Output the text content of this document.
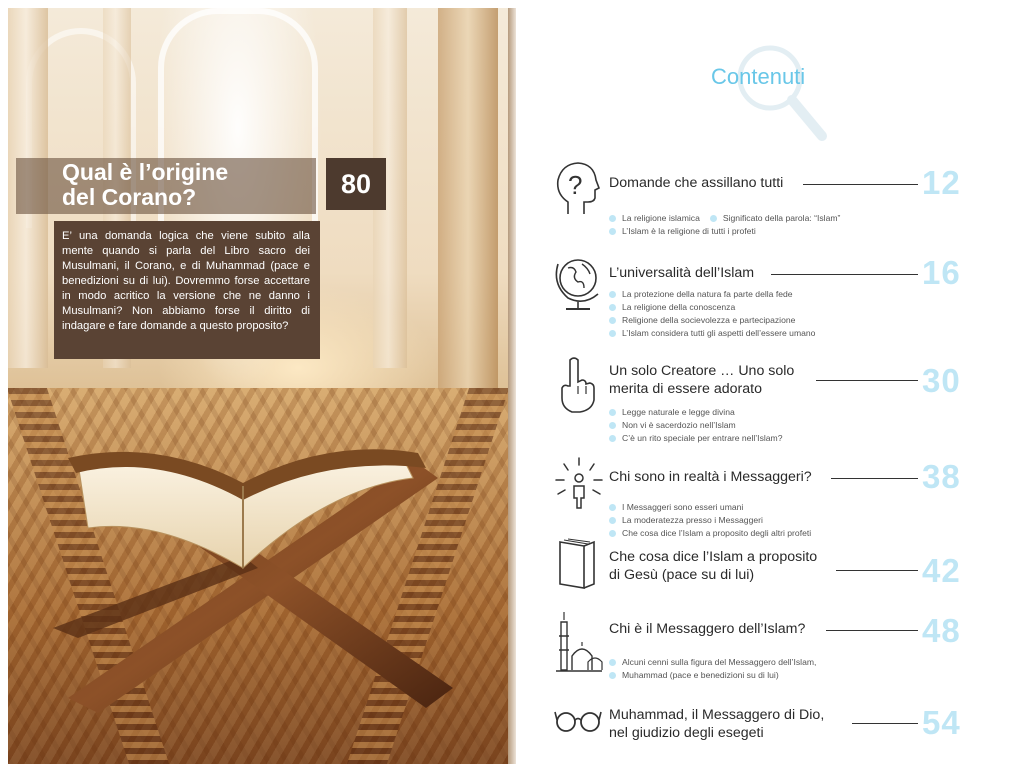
Qual è l’origine
del Corano?	80
E’ una domanda logica che viene subito alla mente quando si parla del Libro sacro dei Musulmani, il Corano, e di Muhammad (pace e benedizioni su di lui). Dovremmo forse accettare in modo acritico la versione che ne danno i Musulmani? Non abbiamo forse il diritto di indagare e fare domande a questo proposito?
Contenuti
? Domande che assillano tutti	12
La religione islamica	Significato della parola: “Islam”
L’Islam è la religione di tutti i profeti
L’universalità dell’Islam	16
La protezione della natura fa parte della fede
La religione della conoscenza
Religione della socievolezza e partecipazione
L’Islam considera tutti gli aspetti dell’essere umano
Un solo Creatore … Uno solo
merita di essere adorato	30
Legge naturale e legge divina
Non vi è sacerdozio nell’Islam
C’è un rito speciale per entrare nell’Islam?
Chi sono in realtà i Messaggeri?	38
I Messaggeri sono esseri umani
La moderatezza presso i Messaggeri
Che cosa dice l’Islam a proposito degli altri profeti
Che cosa dice l’Islam a proposito
di Gesù (pace su di lui)	42
Chi è il Messaggero dell’Islam?	48
Alcuni cenni sulla figura del Messaggero dell’Islam,
Muhammad (pace e benedizioni su di lui)
Muhammad, il Messaggero di Dio,
nel giudizio degli esegeti	54
